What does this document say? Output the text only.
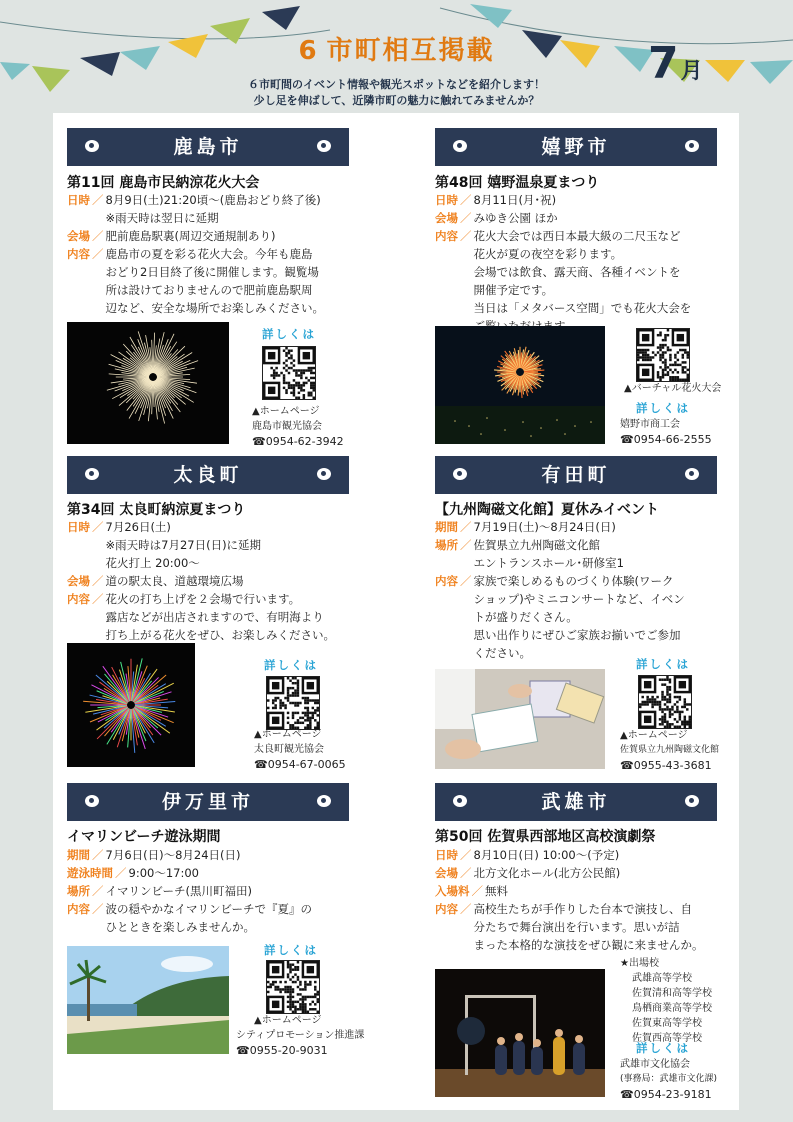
6 市町相互掲載	7月
６市町間のイベント情報や観光スポットなどを紹介します！
少し足を伸ばして、近隣市町の魅力に触れてみませんか？
鹿島市
第11回 鹿島市民納涼花火大会
日時 ／ 8月9日(土)21:20頃～(鹿島おどり終了後)
※雨天時は翌日に延期
会場 ／ 肥前鹿島駅裏(周辺交通規制あり)
内容 ／ 鹿島市の夏を彩る花火大会。今年も鹿島
おどり2日目終了後に開催します。観覧場
所は設けておりませんので肥前鹿島駅周
辺など、安全な場所でお楽しみください。
詳しくは
▲ホームページ
鹿島市観光協会
☎0954-62-3942
嬉野市
第48回 嬉野温泉夏まつり
日時 ／ 8月11日(月･祝)
会場 ／ みゆき公園 ほか
内容 ／ 花火大会では西日本最大級の二尺玉など
花火が夏の夜空を彩ります。
会場では飲食、露天商、各種イベントを
開催予定です。
当日は「メタバース空間」でも花火大会を
▲バーチャル花火大会
詳しくは
嬉野市商工会
☎0954-66-2555
太良町
第34回 太良町納涼夏まつり
日時 ／ 7月26日(土)
※雨天時は7月27日(日)に延期
花火打上 20:00～
会場 ／ 道の駅太良、道越環境広場
内容 ／ 花火の打ち上げを２会場で行います。
露店などが出店されますので、有明海より
打ち上がる花火をぜひ、お楽しみください。
詳しくは
▲ホームページ
太良町観光協会
☎0954-67-0065
有田町
【九州陶磁文化館】夏休みイベント
期間 ／ 7月19日(土)～8月24日(日)
場所 ／ 佐賀県立九州陶磁文化館
エントランスホール･研修室1
内容 ／ 家族で楽しめるものづくり体験(ワーク
ショップ)やミニコンサートなど、イベン
トが盛りだくさん。
思い出作りにぜひご家族お揃いでご参加
ください。
詳しくは
▲ホームページ
佐賀県立九州陶磁文化館
☎0955-43-3681
伊万里市
イマリンビーチ遊泳期間
期間 ／ 7月6日(日)～8月24日(日)
遊泳時間 ／ 9:00～17:00
場所 ／ イマリンビーチ(黒川町福田)
内容 ／ 波の穏やかなイマリンビーチで『夏』の
ひとときを楽しみませんか。
詳しくは
▲ホームページ
シティプロモーション推進課
☎0955-20-9031
武雄市
第50回 佐賀県西部地区高校演劇祭
日時 ／ 8月10日(日) 10:00～(予定)
会場 ／ 北方文化ホール(北方公民館)
入場料 ／ 無料
内容 ／ 高校生たちが手作りした台本で演技し、自
分たちで舞台演出を行います。思いが詰
まった本格的な演技をぜひ観に来ませんか。
★出場校
武雄高等学校
佐賀清和高等学校
鳥栖商業高等学校
佐賀東高等学校
佐賀西高等学校
詳しくは
武雄市文化協会
(事務局：武雄市文化課)
☎0954-23-9181
